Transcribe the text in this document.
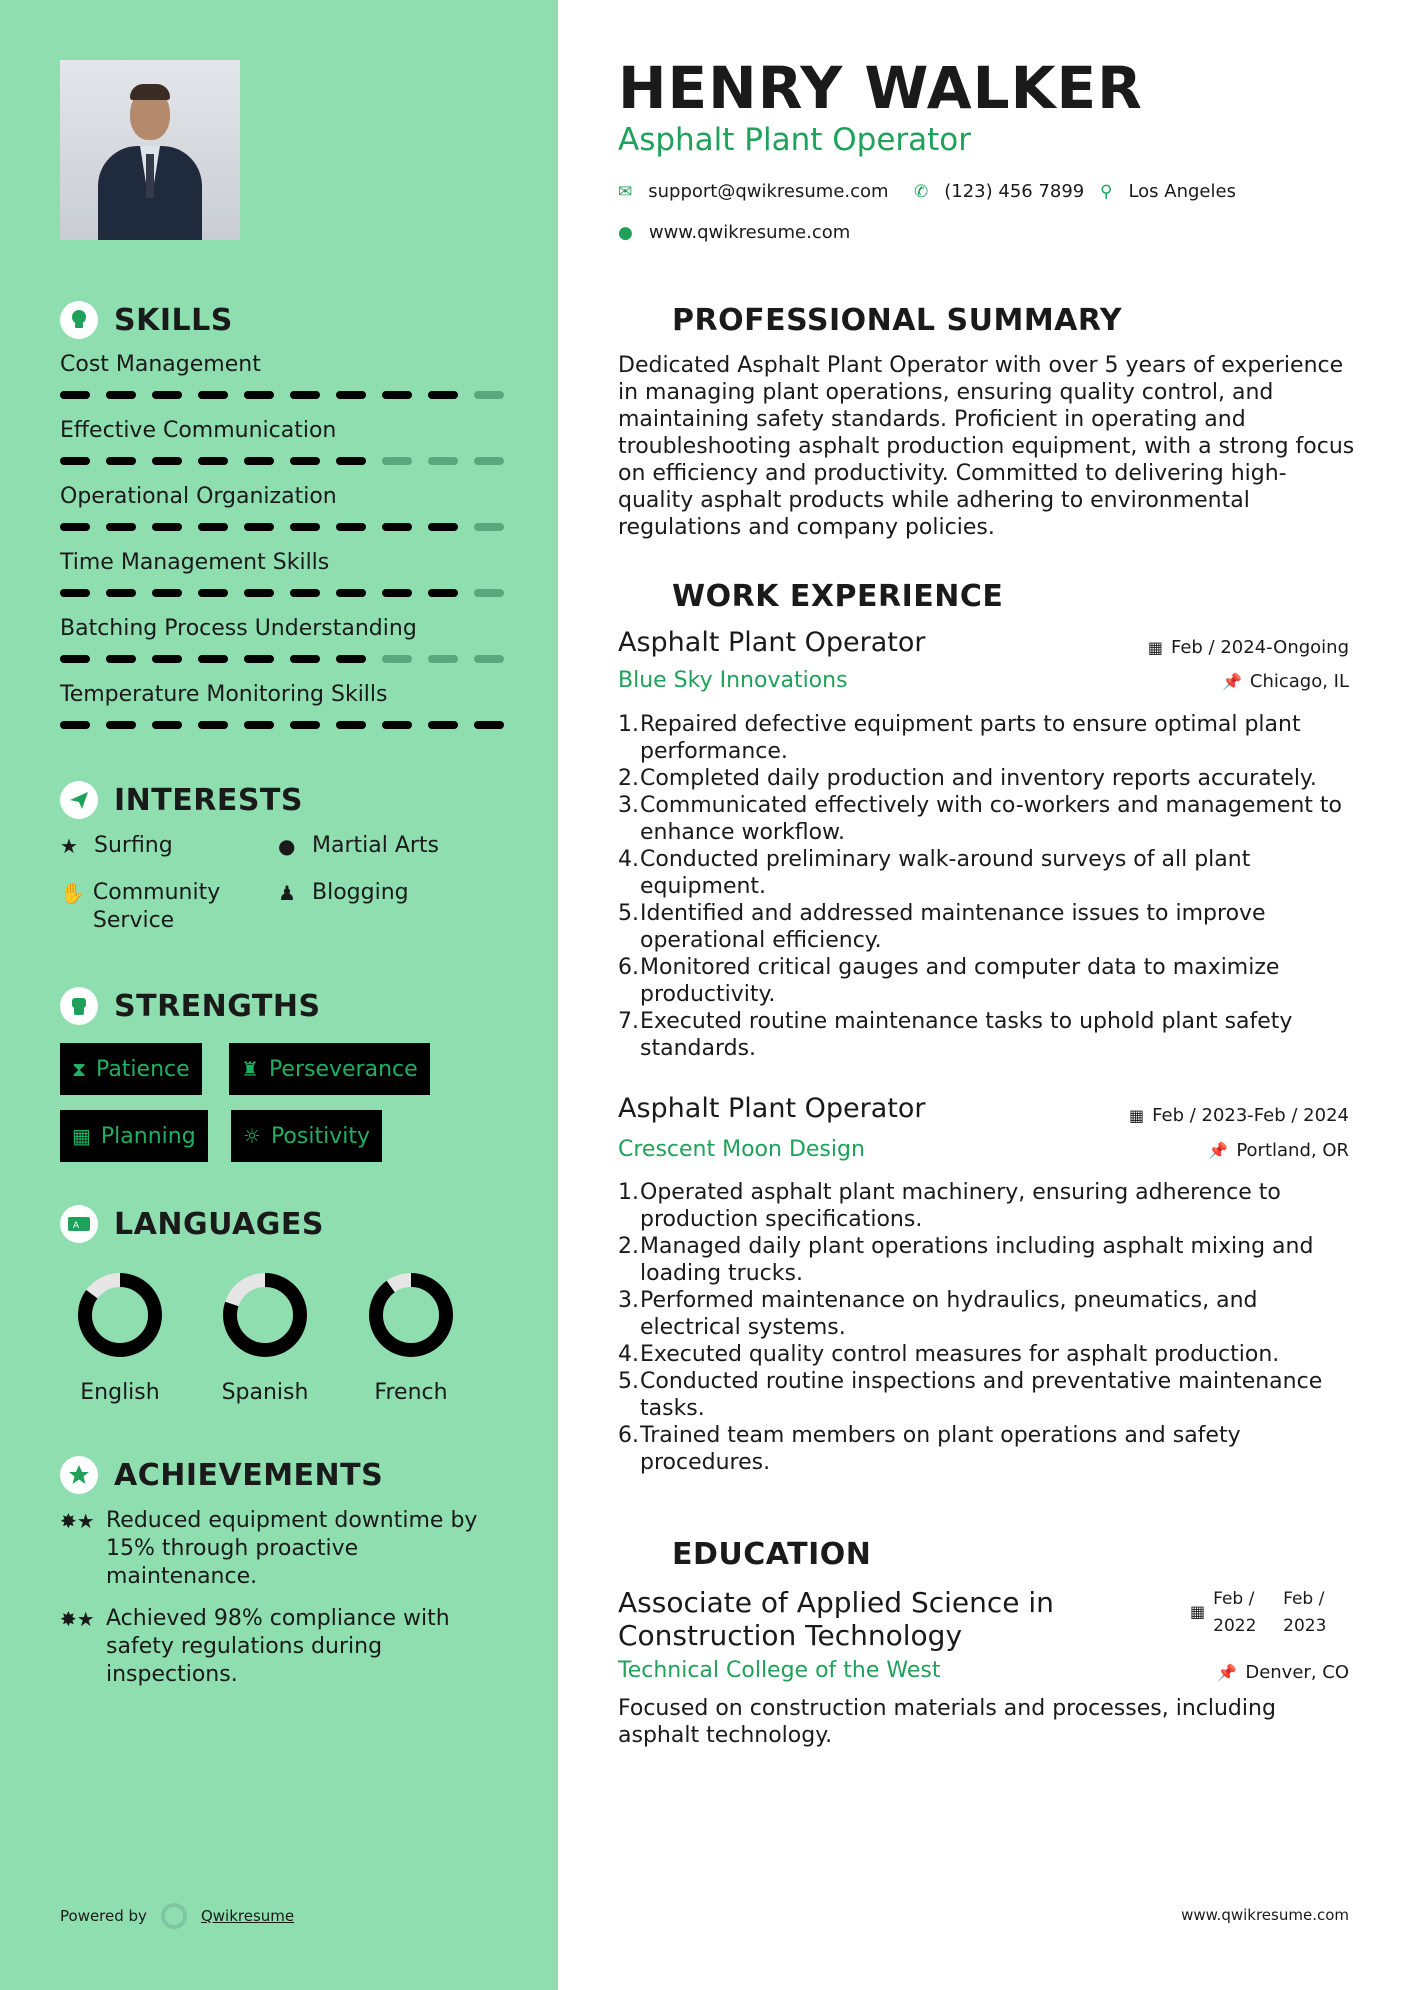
SKILLS
Cost Management
Effective Communication
Operational Organization
Time Management Skills
Batching Process Understanding
Temperature Monitoring Skills
INTERESTS
★ Surfing	● Martial Arts
✋ Community Service
♟ Blogging
STRENGTHS
⧗ Patience	♜ Perseverance
▦ Planning ☼ Positivity
A LANGUAGES
English	Spanish	French
ACHIEVEMENTS
✸★ Reduced equipment downtime by 15% through proactive maintenance.
✸★ Achieved 98% compliance with safety regulations during inspections.
Powered by	Qwikresume
HENRY WALKER
Asphalt Plant Operator
✉ support@qwikresume.com ✆ (123) 456 7899 ⚲ Los Angeles
● www.qwikresume.com
PROFESSIONAL SUMMARY
Dedicated Asphalt Plant Operator with over 5 years of experience in managing plant operations, ensuring quality control, and maintaining safety standards. Proficient in operating and troubleshooting asphalt production equipment, with a strong focus on efficiency and productivity. Committed to delivering high-quality asphalt products while adhering to environmental regulations and company policies.
WORK EXPERIENCE
Asphalt Plant Operator	▦ Feb / 2024-Ongoing
Blue Sky Innovations	📌 Chicago, IL
1. Repaired defective equipment parts to ensure optimal plant performance.
2. Completed daily production and inventory reports accurately.
3. Communicated effectively with co-workers and management to enhance workflow.
4. Conducted preliminary walk-around surveys of all plant equipment.
5. Identified and addressed maintenance issues to improve operational efficiency.
6. Monitored critical gauges and computer data to maximize productivity.
7. Executed routine maintenance tasks to uphold plant safety standards.
Asphalt Plant Operator	▦ Feb / 2023-Feb / 2024
Crescent Moon Design	📌 Portland, OR
1. Operated asphalt plant machinery, ensuring adherence to production specifications.
2. Managed daily plant operations including asphalt mixing and loading trucks.
3. Performed maintenance on hydraulics, pneumatics, and electrical systems.
4. Executed quality control measures for asphalt production.
5. Conducted routine inspections and preventative maintenance tasks.
6. Trained team members on plant operations and safety procedures.
EDUCATION
Associate of Applied Science in Construction Technology
▦
Feb / 2022
Feb / 2023
Technical College of the West	📌 Denver, CO
Focused on construction materials and processes, including asphalt technology.
www.qwikresume.com
